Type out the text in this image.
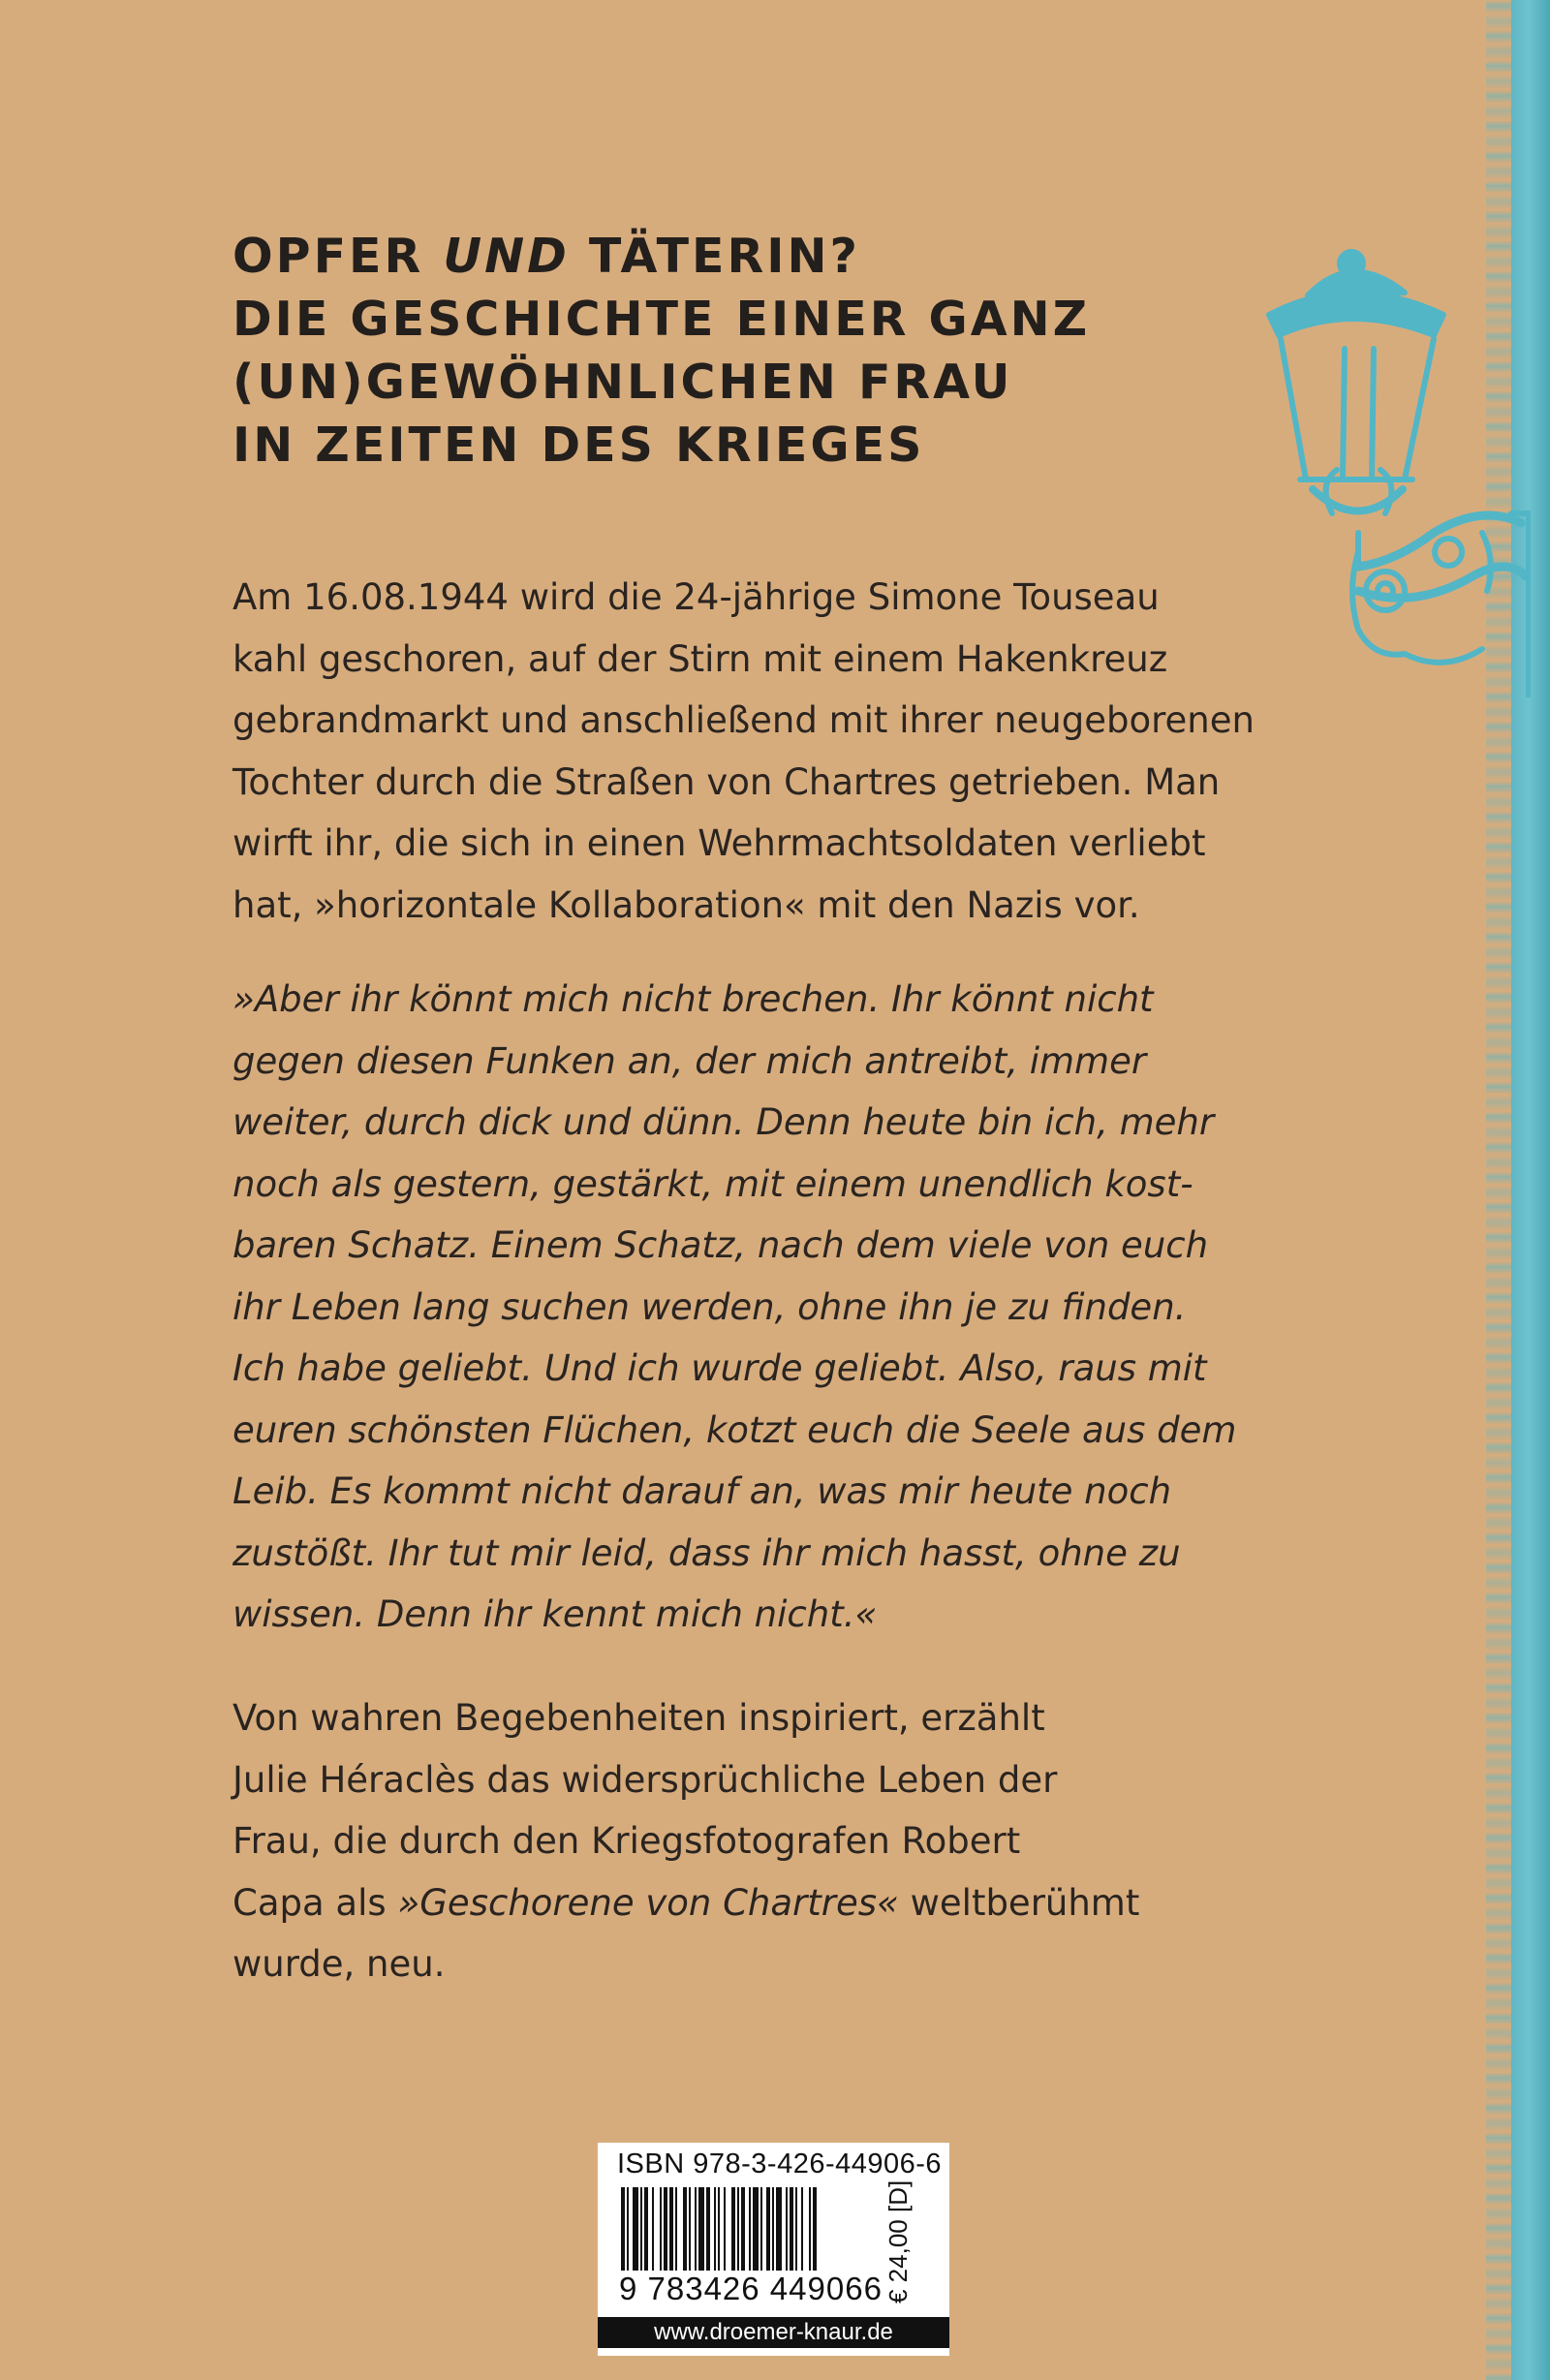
OPFER UND TÄTERIN?
DIE GESCHICHTE EINER GANZ
(UN)GEWÖHNLICHEN FRAU
IN ZEITEN DES KRIEGES

Am 16.08.1944 wird die 24-jährige Simone Touseau
kahl geschoren, auf der Stirn mit einem Hakenkreuz
gebrandmarkt und anschließend mit ihrer neugeborenen
Tochter durch die Straßen von Chartres getrieben. Man
wirft ihr, die sich in einen Wehrmachtsoldaten verliebt
hat, »horizontale Kollaboration« mit den Nazis vor.

»Aber ihr könnt mich nicht brechen. Ihr könnt nicht
gegen diesen Funken an, der mich antreibt, immer
weiter, durch dick und dünn. Denn heute bin ich, mehr
noch als gestern, gestärkt, mit einem unendlich kost-
baren Schatz. Einem Schatz, nach dem viele von euch
ihr Leben lang suchen werden, ohne ihn je zu finden.
Ich habe geliebt. Und ich wurde geliebt. Also, raus mit
euren schönsten Flüchen, kotzt euch die Seele aus dem
Leib. Es kommt nicht darauf an, was mir heute noch
zustößt. Ihr tut mir leid, dass ihr mich hasst, ohne zu
wissen. Denn ihr kennt mich nicht.«

Von wahren Begebenheiten inspiriert, erzählt
Julie Héraclès das widersprüchliche Leben der
Frau, die durch den Kriegsfotografen Robert
Capa als »Geschorene von Chartres« weltberühmt
wurde, neu.

ISBN 978-3-426-44906-6

9 783426 449066 € 24,00 [D]

www.droemer-knaur.de
